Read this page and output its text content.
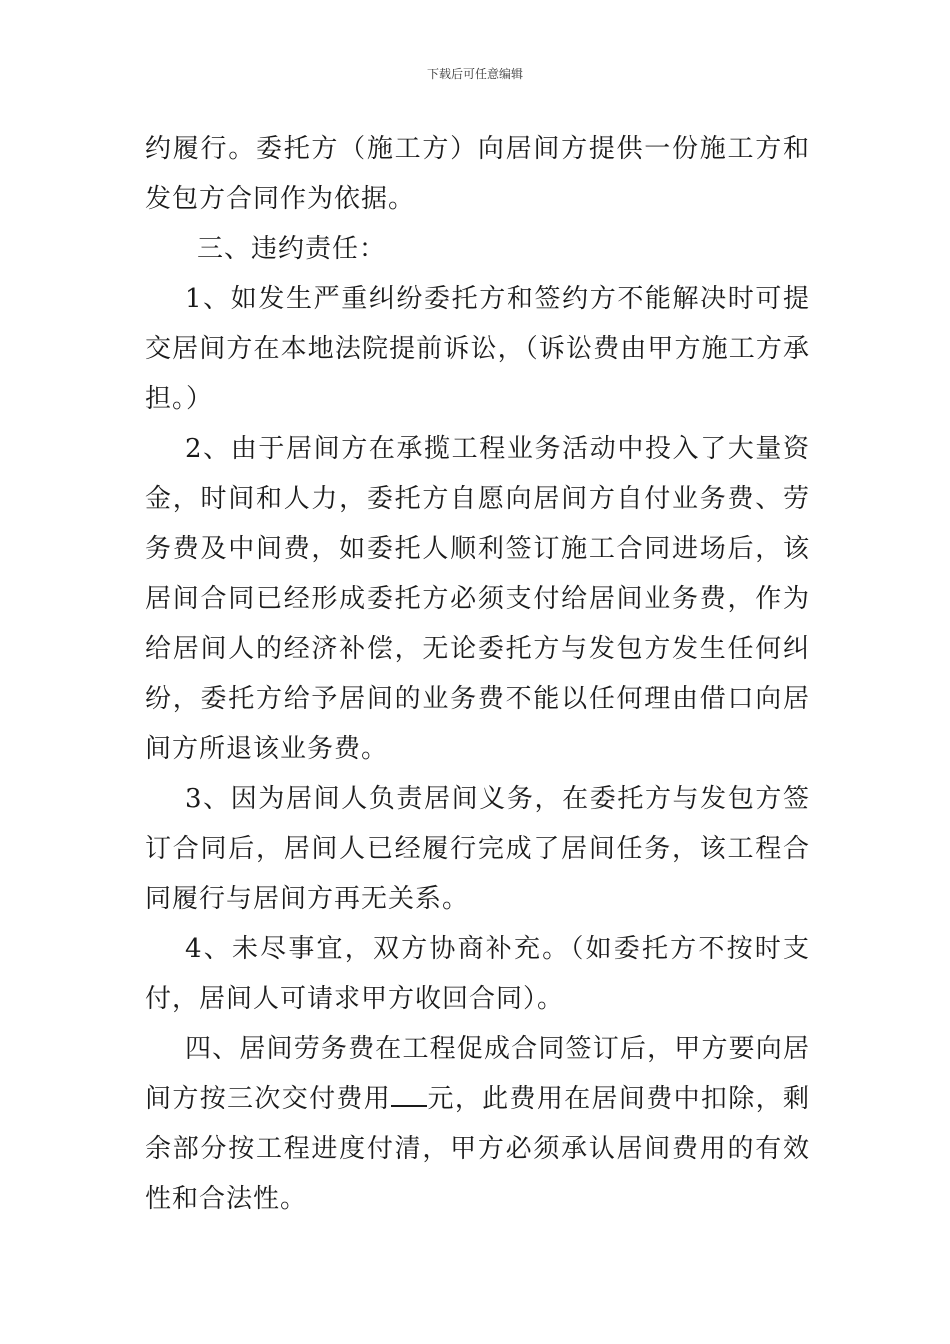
下载后可任意编辑

约履行。委托方（施工方）向居间方提供一份施工方和发包方合同作为依据。

三、违约责任：

1、如发生严重纠纷委托方和签约方不能解决时可提交居间方在本地法院提前诉讼，（诉讼费由甲方施工方承担。）

2、由于居间方在承揽工程业务活动中投入了大量资金，时间和人力，委托方自愿向居间方自付业务费、劳务费及中间费，如委托人顺利签订施工合同进场后，该居间合同已经形成委托方必须支付给居间业务费，作为给居间人的经济补偿，无论委托方与发包方发生任何纠纷，委托方给予居间的业务费不能以任何理由借口向居间方所退该业务费。

3、因为居间人负责居间义务，在委托方与发包方签订合同后，居间人已经履行完成了居间任务，该工程合同履行与居间方再无关系。

4、未尽事宜，双方协商补充。（如委托方不按时支付，居间人可请求甲方收回合同）。

四、居间劳务费在工程促成合同签订后，甲方要向居间方按三次交付费用 元，此费用在居间费中扣除，剩余部分按工程进度付清，甲方必须承认居间费用的有效性和合法性。
